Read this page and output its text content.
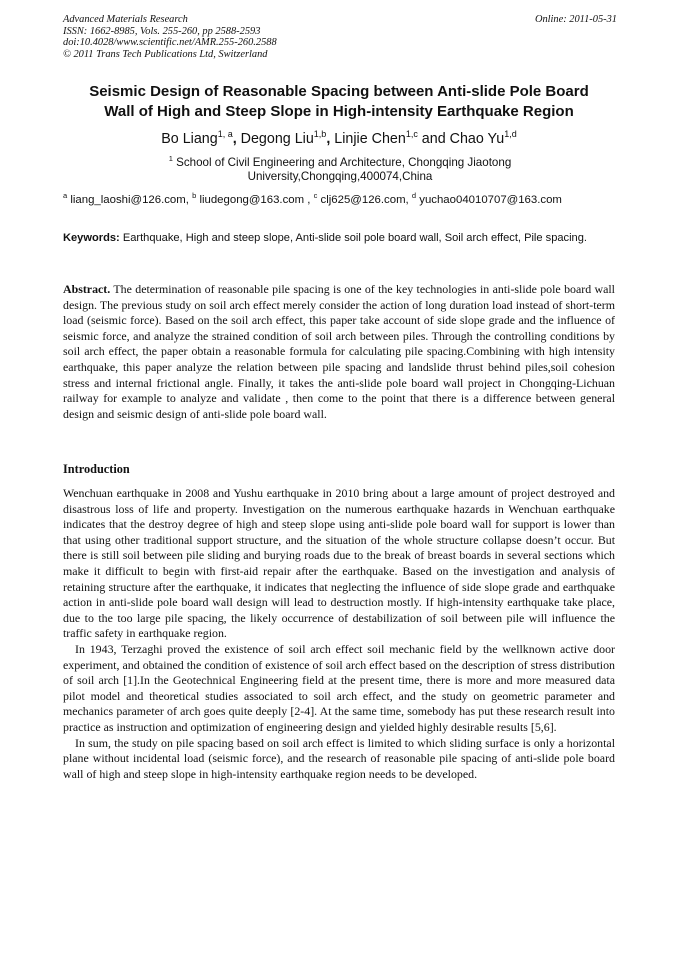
Advanced Materials Research
ISSN: 1662-8985, Vols. 255-260, pp 2588-2593
doi:10.4028/www.scientific.net/AMR.255-260.2588
© 2011 Trans Tech Publications Ltd, Switzerland
Online: 2011-05-31
Seismic Design of Reasonable Spacing between Anti-slide Pole Board
Wall of High and Steep Slope in High-intensity Earthquake Region
Bo Liang$^{1, a}$, Degong Liu$^{1,b}$, Linjie Chen$^{1,c}$ and Chao Yu$^{1,d}$
$^1$ School of Civil Engineering and Architecture, Chongqing Jiaotong
University,Chongqing,400074,China
$^a$ liang_laoshi@126.com, $^b$ liudegong@163.com , $^c$ clj625@126.com, $^d$ yuchao04010707@163.com
Keywords: Earthquake, High and steep slope, Anti-slide soil pole board wall, Soil arch effect, Pile spacing.
Abstract. The determination of reasonable pile spacing is one of the key technologies in anti-slide pole board wall design. The previous study on soil arch effect merely consider the action of long duration load instead of short-term load (seismic force). Based on the soil arch effect, this paper take account of side slope grade and the influence of seismic force, and analyze the strained condition of soil arch between piles. Through the controlling conditions by soil arch effect, the paper obtain a reasonable formula for calculating pile spacing.Combining with high intensity earthquake, this paper analyze the relation between pile spacing and landslide thrust behind piles,soil cohesion stress and internal frictional angle. Finally, it takes the anti-slide pole board wall project in Chongqing-Lichuan railway for example to analyze and validate , then come to the point that there is a difference between general design and seismic design of anti-slide pole board wall.
Introduction

Wenchuan earthquake in 2008 and Yushu earthquake in 2010 bring about a large amount of project destroyed and disastrous loss of life and property. Investigation on the numerous earthquake hazards in Wenchuan earthquake indicates that the destroy degree of high and steep slope using anti-slide pole board wall for support is lower than that using other traditional support structure, and the situation of the whole structure collapse doesn’t occur. But there is still soil between pile sliding and burying roads due to the break of breast boards in several sections which make it difficult to begin with first-aid repair after the earthquake. Based on the investigation and analysis of retaining structure after the earthquake, it indicates that neglecting the influence of side slope grade and earthquake action in anti-slide pole board wall design will lead to destruction mostly. If high-intensity earthquake take place, due to the too large pile spacing, the likely occurrence of destabilization of soil between pile will influence the traffic safety in earthquake region.

In 1943, Terzaghi proved the existence of soil arch effect soil mechanic field by the wellknown active door experiment, and obtained the condition of existence of soil arch effect based on the description of stress distribution of soil arch [1].In the Geotechnical Engineering field at the present time, there is more and more measured data pilot model and theoretical studies associated to soil arch effect, and the study on geometric parameter and mechanics parameter of arch goes quite deeply [2-4]. At the same time, somebody has put these research result into practice as instruction and optimization of engineering design and yielded highly desirable results [5,6].

In sum, the study on pile spacing based on soil arch effect is limited to which sliding surface is only a horizontal plane without incidental load (seismic force), and the research of reasonable pile spacing of anti-slide pole board wall of high and steep slope in high-intensity earthquake region needs to be developed.
